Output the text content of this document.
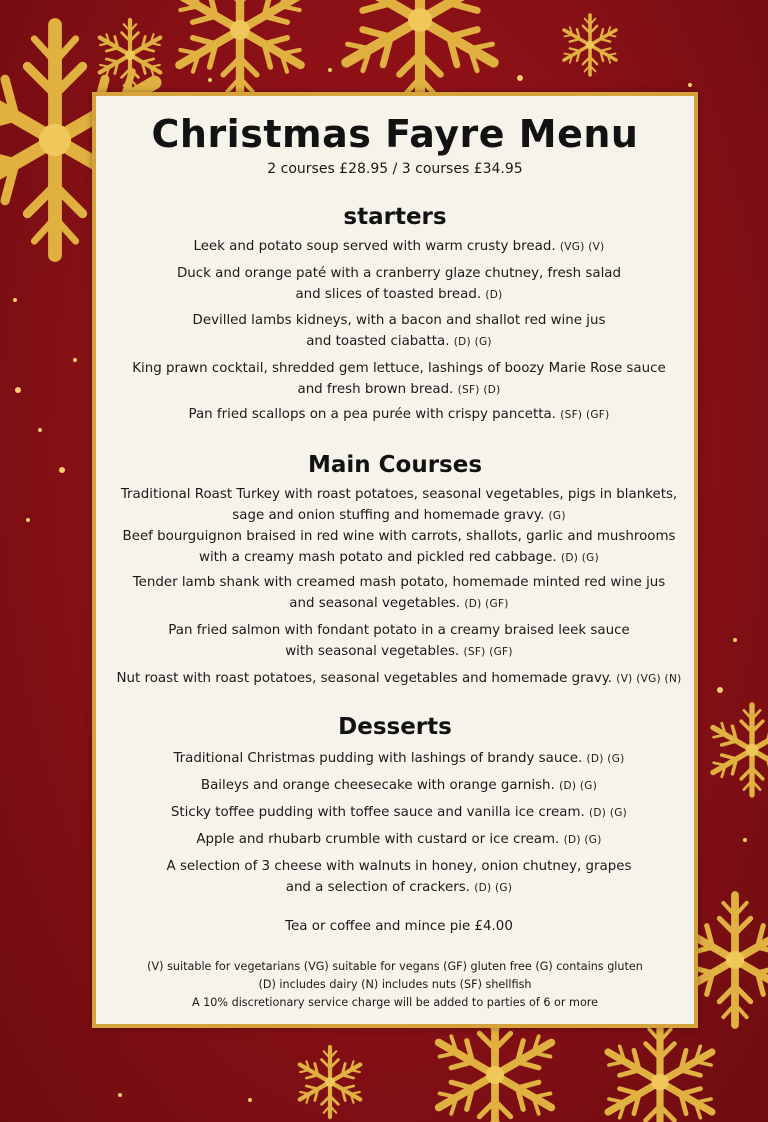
Christmas Fayre Menu
2 courses £28.95 / 3 courses £34.95
starters
Leek and potato soup served with warm crusty bread. (VG) (V)
Duck and orange paté with a cranberry glaze chutney, fresh salad
and slices of toasted bread. (D)
Devilled lambs kidneys, with a bacon and shallot red wine jus
and toasted ciabatta. (D) (G)
King prawn cocktail, shredded gem lettuce, lashings of boozy Marie Rose sauce
and fresh brown bread. (SF) (D)
Pan fried scallops on a pea purée with crispy pancetta. (SF) (GF)
Main Courses
Traditional Roast Turkey with roast potatoes, seasonal vegetables, pigs in blankets,
sage and onion stuffing and homemade gravy. (G)
Beef bourguignon braised in red wine with carrots, shallots, garlic and mushrooms
with a creamy mash potato and pickled red cabbage. (D) (G)
Tender lamb shank with creamed mash potato, homemade minted red wine jus
and seasonal vegetables. (D) (GF)
Pan fried salmon with fondant potato in a creamy braised leek sauce
with seasonal vegetables. (SF) (GF)
Nut roast with roast potatoes, seasonal vegetables and homemade gravy. (V) (VG) (N)
Desserts
Traditional Christmas pudding with lashings of brandy sauce. (D) (G)
Baileys and orange cheesecake with orange garnish. (D) (G)
Sticky toffee pudding with toffee sauce and vanilla ice cream. (D) (G)
Apple and rhubarb crumble with custard or ice cream. (D) (G)
A selection of 3 cheese with walnuts in honey, onion chutney, grapes
and a selection of crackers. (D) (G)
Tea or coffee and mince pie £4.00
(V) suitable for vegetarians (VG) suitable for vegans (GF) gluten free (G) contains gluten
(D) includes dairy (N) includes nuts (SF) shellfish
A 10% discretionary service charge will be added to parties of 6 or more
